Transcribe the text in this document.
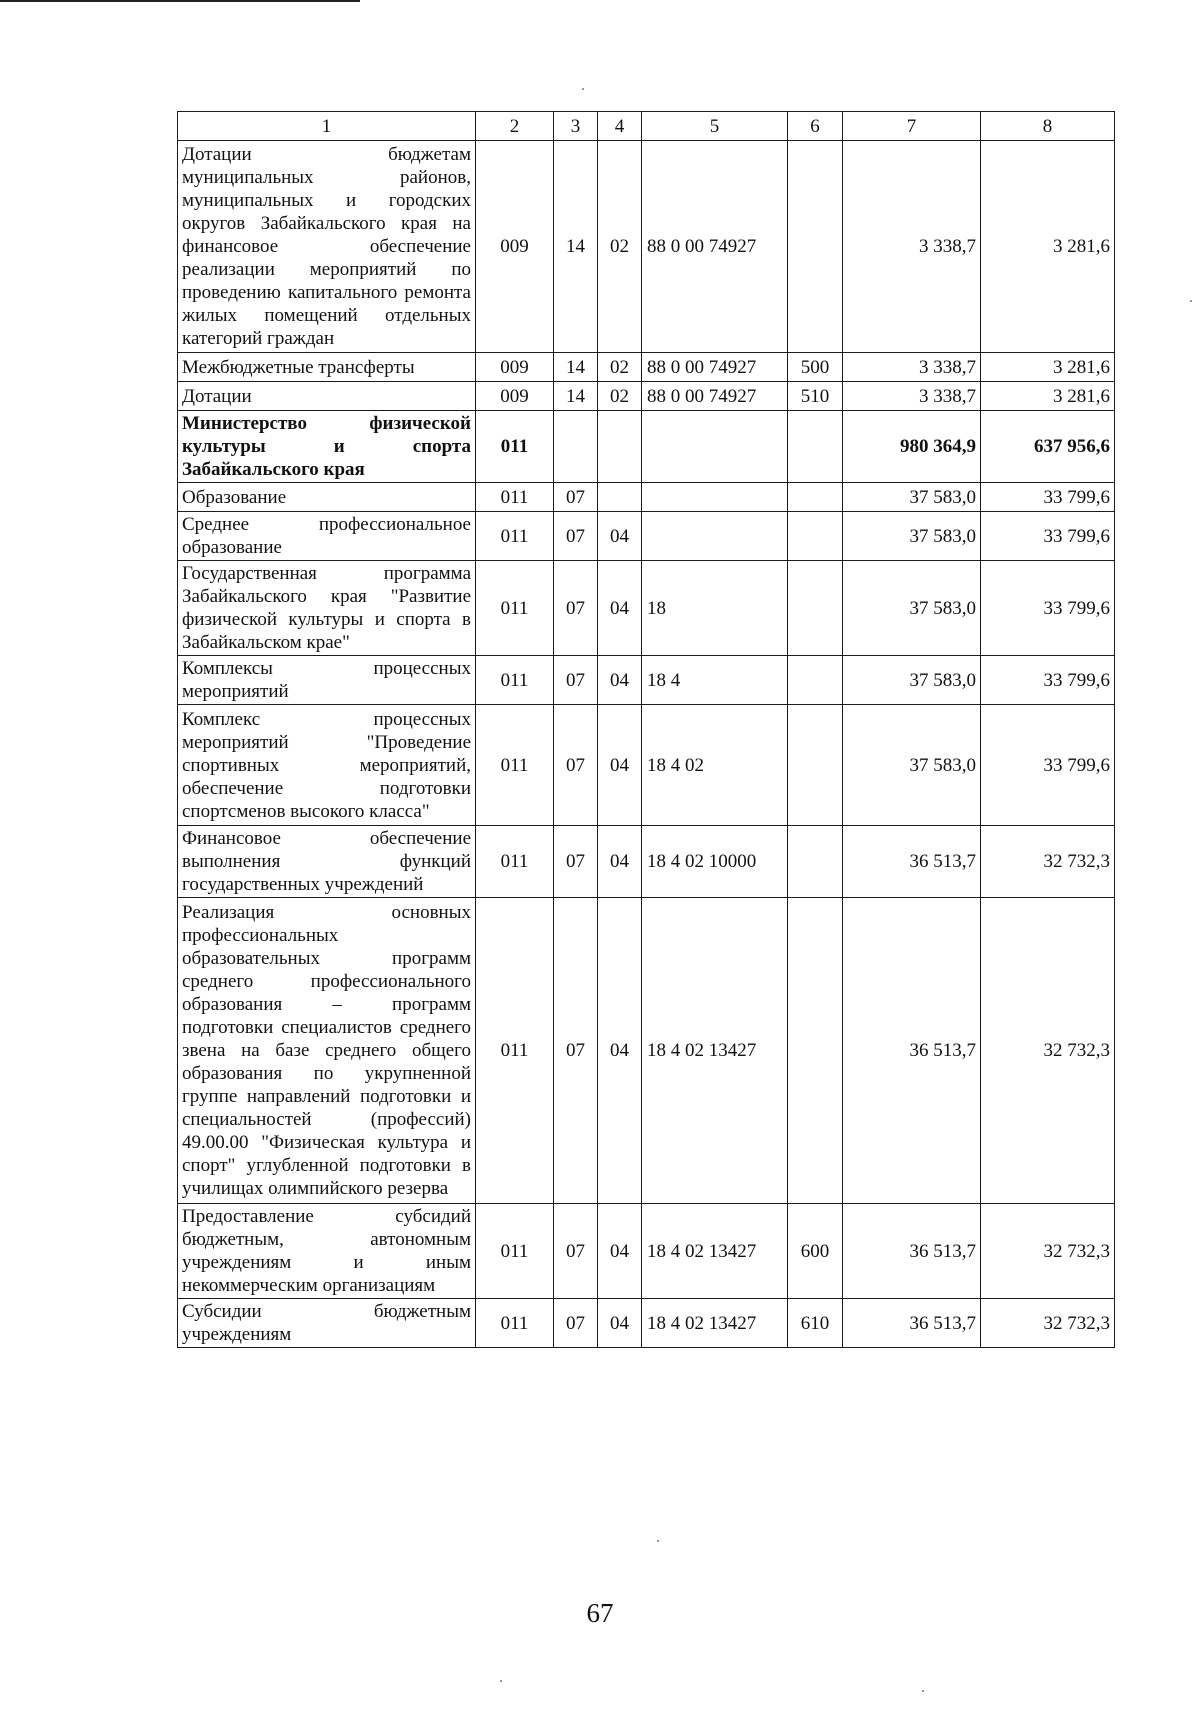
1	2	3	4	5	6	7	8
Дотации бюджетам муниципальных районов, муниципальных и городских округов Забайкальского края на финансовое обеспечение реализации мероприятий по проведению капитального ремонта жилых помещений отдельных категорий граждан	009	14	02	88 0 00 74927		3 338,7	3 281,6
Межбюджетные трансферты	009	14	02	88 0 00 74927	500	3 338,7	3 281,6
Дотации	009	14	02	88 0 00 74927	510	3 338,7	3 281,6
Министерство физической культуры и спорта Забайкальского края	011					980 364,9	637 956,6
Образование	011	07				37 583,0	33 799,6
Среднее профессиональное образование	011	07	04			37 583,0	33 799,6
Государственная программа Забайкальского края "Развитие физической культуры и спорта в Забайкальском крае"	011	07	04	18		37 583,0	33 799,6
Комплексы процессных мероприятий	011	07	04	18 4		37 583,0	33 799,6
Комплекс процессных мероприятий "Проведение спортивных мероприятий, обеспечение подготовки спортсменов высокого класса"	011	07	04	18 4 02		37 583,0	33 799,6
Финансовое обеспечение выполнения функций государственных учреждений	011	07	04	18 4 02 10000		36 513,7	32 732,3
Реализация основных профессиональных образовательных программ среднего профессионального образования – программ подготовки специалистов среднего звена на базе среднего общего образования по укрупненной группе направлений подготовки и специальностей (профессий) 49.00.00 "Физическая культура и спорт" углубленной подготовки в училищах олимпийского резерва	011	07	04	18 4 02 13427		36 513,7	32 732,3
Предоставление субсидий бюджетным, автономным учреждениям и иным некоммерческим организациям	011	07	04	18 4 02 13427	600	36 513,7	32 732,3
Субсидии бюджетным учреждениям	011	07	04	18 4 02 13427	610	36 513,7	32 732,3
67
